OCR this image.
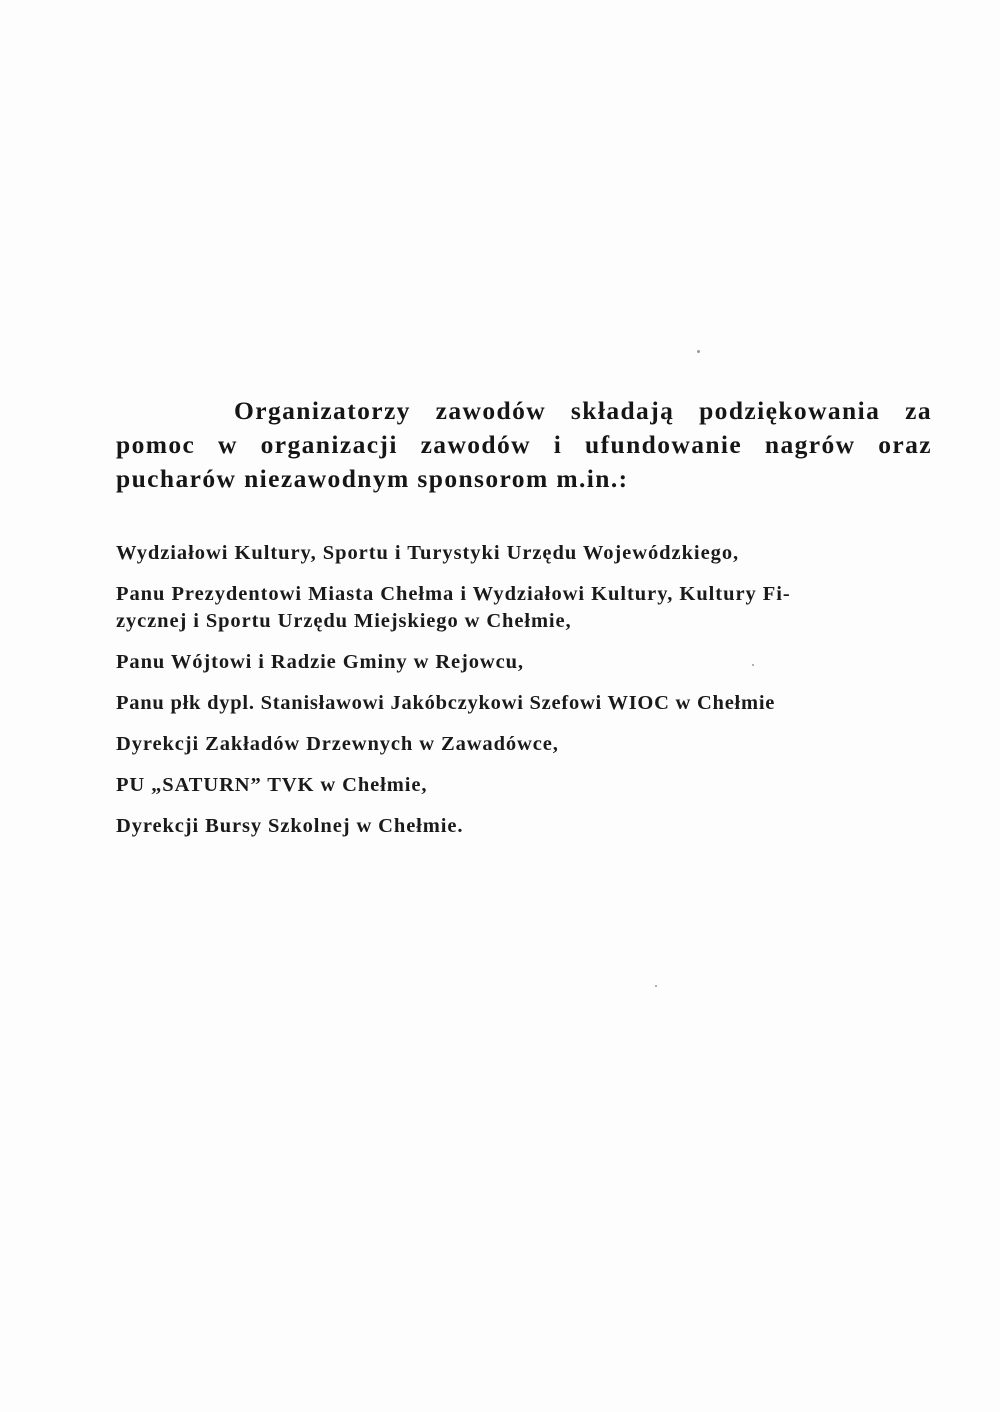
Organizatorzy zawodów składają podziękowania za pomoc w organizacji zawodów i ufundowanie nagrów oraz pucharów niezawodnym sponsorom m.in.:

Wydziałowi Kultury, Sportu i Turystyki Urzędu Wojewódzkiego,
Panu Prezydentowi Miasta Chełma i Wydziałowi Kultury, Kultury Fi-
zycznej i Sportu Urzędu Miejskiego w Chełmie,
Panu Wójtowi i Radzie Gminy w Rejowcu,
Panu płk dypl. Stanisławowi Jakóbczykowi Szefowi WIOC w Chełmie
Dyrekcji Zakładów Drzewnych w Zawadówce,
PU „SATURN” TVK w Chełmie,
Dyrekcji Bursy Szkolnej w Chełmie.
